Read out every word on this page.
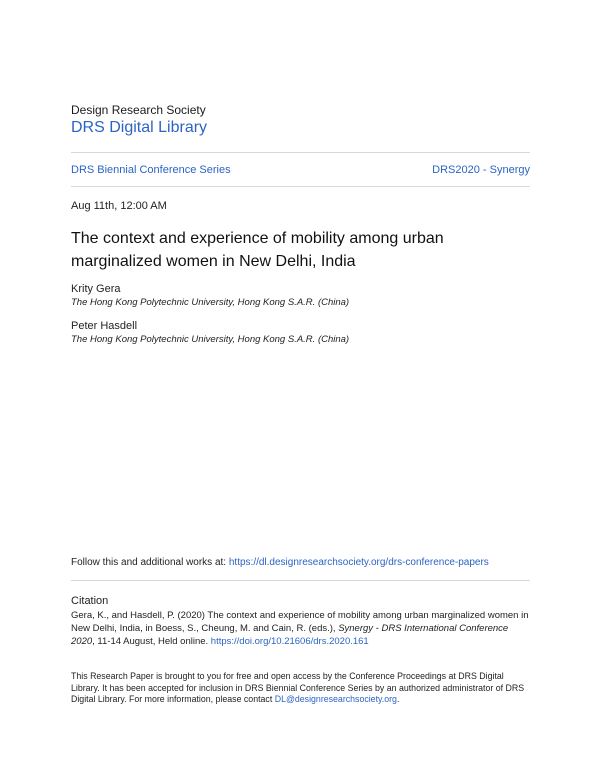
Design Research Society
DRS Digital Library
DRS Biennial Conference Series	DRS2020 - Synergy
Aug 11th, 12:00 AM
The context and experience of mobility among urban marginalized women in New Delhi, India
Krity Gera
The Hong Kong Polytechnic University, Hong Kong S.A.R. (China)
Peter Hasdell
The Hong Kong Polytechnic University, Hong Kong S.A.R. (China)
Follow this and additional works at: https://dl.designresearchsociety.org/drs-conference-papers
Citation

Gera, K., and Hasdell, P. (2020) The context and experience of mobility among urban marginalized women in New Delhi, India, in Boess, S., Cheung, M. and Cain, R. (eds.), Synergy - DRS International Conference 2020, 11-14 August, Held online. https://doi.org/10.21606/drs.2020.161

This Research Paper is brought to you for free and open access by the Conference Proceedings at DRS Digital Library. It has been accepted for inclusion in DRS Biennial Conference Series by an authorized administrator of DRS Digital Library. For more information, please contact DL@designresearchsociety.org.
